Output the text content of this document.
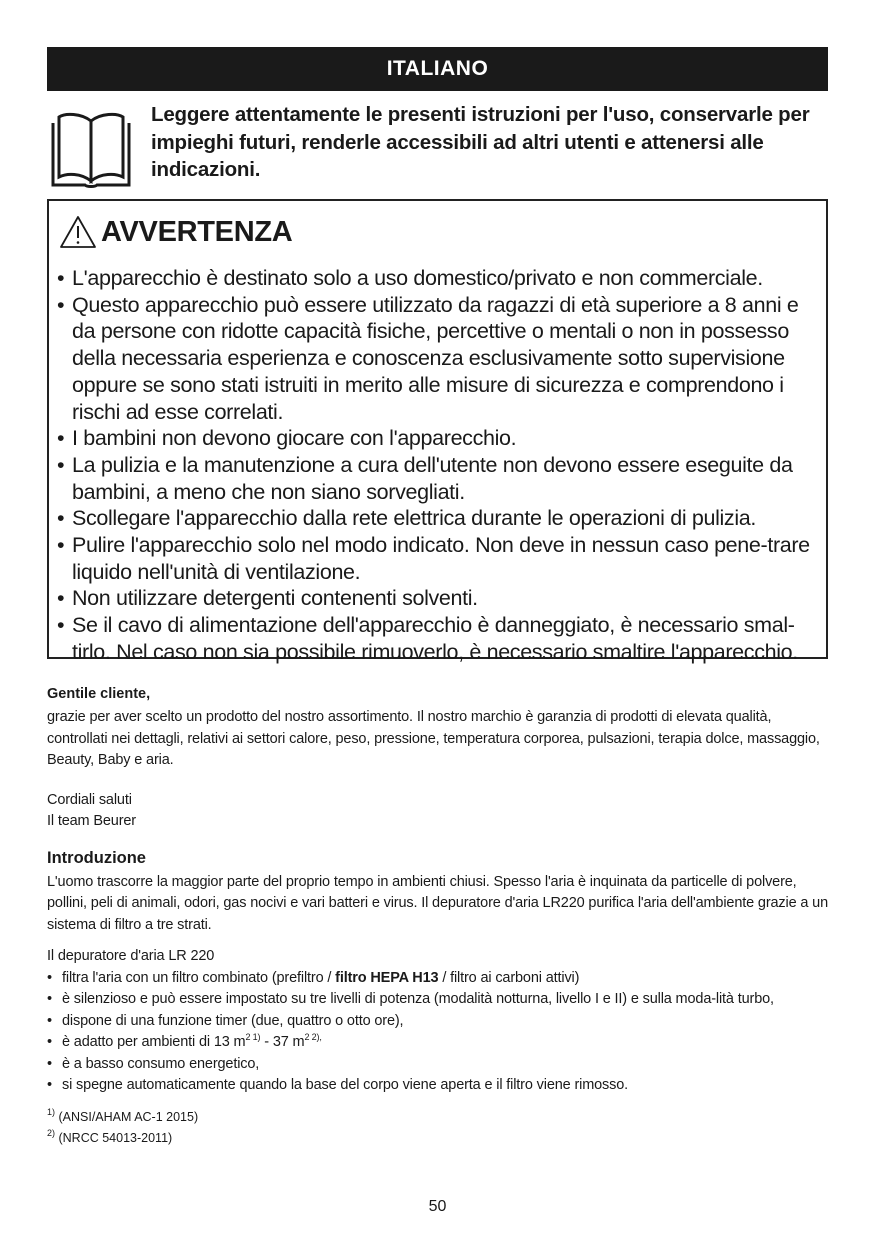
ITALIANO
Leggere attentamente le presenti istruzioni per l'uso, conservarle per impieghi futuri, renderle accessibili ad altri utenti e attenersi alle indicazioni.
AVVERTENZA
• L'apparecchio è destinato solo a uso domestico/privato e non commerciale.
• Questo apparecchio può essere utilizzato da ragazzi di età superiore a 8 anni e da persone con ridotte capacità fisiche, percettive o mentali o non in possesso della necessaria esperienza e conoscenza esclusivamente sotto supervisione oppure se sono stati istruiti in merito alle misure di sicurezza e comprendono i rischi ad esse correlati.
• I bambini non devono giocare con l'apparecchio.
• La pulizia e la manutenzione a cura dell'utente non devono essere eseguite da bambini, a meno che non siano sorvegliati.
• Scollegare l'apparecchio dalla rete elettrica durante le operazioni di pulizia.
• Pulire l'apparecchio solo nel modo indicato. Non deve in nessun caso pene-trare liquido nell'unità di ventilazione.
• Non utilizzare detergenti contenenti solventi.
• Se il cavo di alimentazione dell'apparecchio è danneggiato, è necessario smal-tirlo. Nel caso non sia possibile rimuoverlo, è necessario smaltire l'apparecchio.
Gentile cliente,
grazie per aver scelto un prodotto del nostro assortimento. Il nostro marchio è garanzia di prodotti di elevata qualità, controllati nei dettagli, relativi ai settori calore, peso, pressione, temperatura corporea, pulsazioni, terapia dolce, massaggio, Beauty, Baby e aria.
Cordiali saluti
Il team Beurer
Introduzione
L'uomo trascorre la maggior parte del proprio tempo in ambienti chiusi. Spesso l'aria è inquinata da particelle di polvere, pollini, peli di animali, odori, gas nocivi e vari batteri e virus. Il depuratore d'aria LR220 purifica l'aria dell'ambiente grazie a un sistema di filtro a tre strati.
Il depuratore d'aria LR 220
• filtra l'aria con un filtro combinato (prefiltro / filtro HEPA H13 / filtro ai carboni attivi)
• è silenzioso e può essere impostato su tre livelli di potenza (modalità notturna, livello I e II) e sulla moda-lità turbo,
• dispone di una funzione timer (due, quattro o otto ore),
• è adatto per ambienti di 13 $m^{2 1)} - 37$ $m^{2 2),}$
• è a basso consumo energetico,
• si spegne automaticamente quando la base del corpo viene aperta e il filtro viene rimosso.
$^{1)}$ (ANSI/AHAM AC-1 2015)
$^{2)}$ (NRCC 54013-2011)
50
